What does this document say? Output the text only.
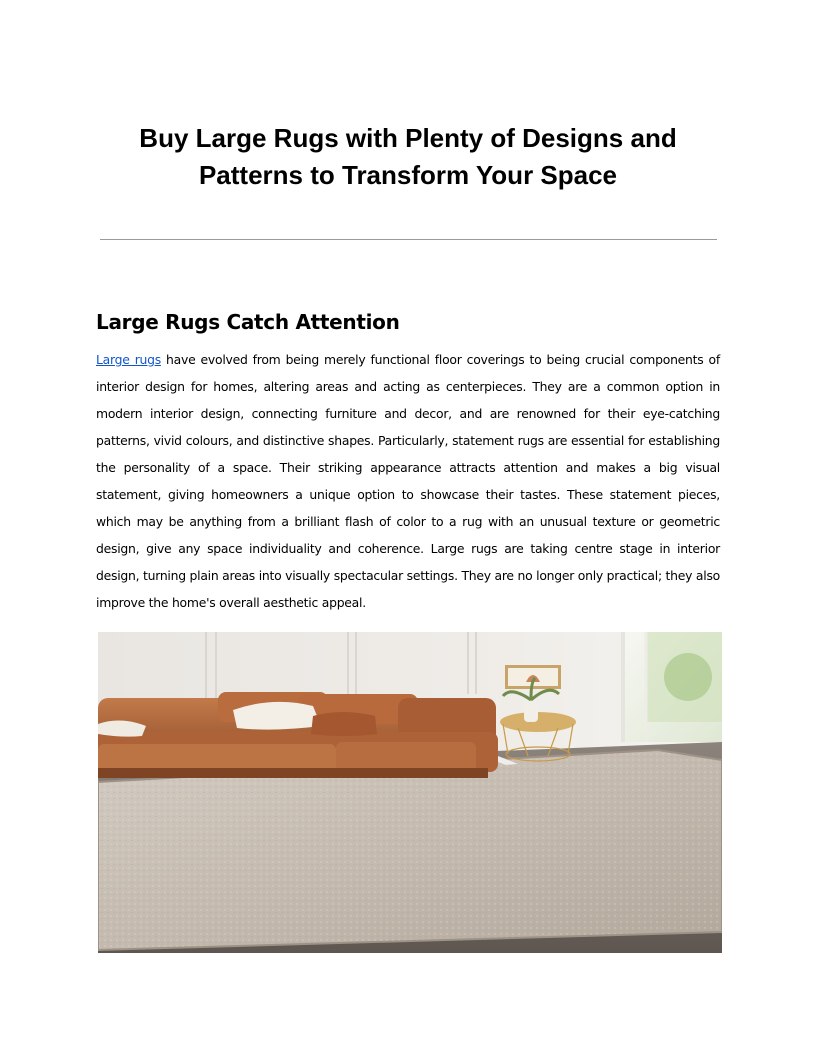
Buy Large Rugs with Plenty of Designs and Patterns to Transform Your Space
Large Rugs Catch Attention

Large rugs have evolved from being merely functional floor coverings to being crucial components of interior design for homes, altering areas and acting as centerpieces. They are a common option in modern interior design, connecting furniture and decor, and are renowned for their eye-catching patterns, vivid colours, and distinctive shapes. Particularly, statement rugs are essential for establishing the personality of a space. Their striking appearance attracts attention and makes a big visual statement, giving homeowners a unique option to showcase their tastes. These statement pieces, which may be anything from a brilliant flash of color to a rug with an unusual texture or geometric design, give any space individuality and coherence. Large rugs are taking centre stage in interior design, turning plain areas into visually spectacular settings. They are no longer only practical; they also improve the home's overall aesthetic appeal.
